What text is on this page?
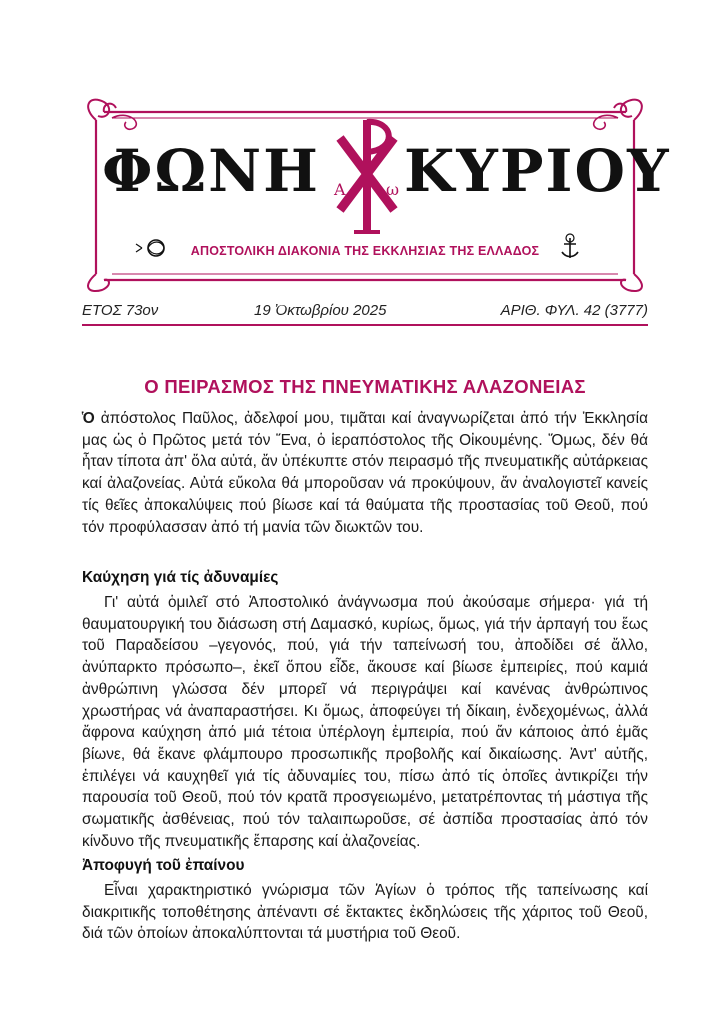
ΦΩΝΗ Α	ω ΚΥΡΙΟΥ
ΑΠΟΣΤΟΛΙΚΗ ΔΙΑΚΟΝΙΑ ΤΗΣ ΕΚΚΛΗΣΙΑΣ ΤΗΣ ΕΛΛΑΔΟΣ
ΕΤΟΣ 73ον	19 Ὀκτωβρίου 2025	ΑΡΙΘ. ΦΥΛ. 42 (3777)
Ο ΠΕΙΡΑΣΜΟΣ ΤΗΣ ΠΝΕΥΜΑΤΙΚΗΣ ΑΛΑΖΟΝΕΙΑΣ

Ὁ ἀπόστολος Παῦλος, ἀδελφοί μου, τιμᾶται καί ἀναγνωρίζεται ἀπό τήν Ἐκκλησία μας ὡς ὁ Πρῶτος μετά τόν Ἕνα, ὁ ἱεραπόστολος τῆς Οἰκουμένης. Ὅμως, δέν θά ἦταν τίποτα ἀπ' ὅλα αὐτά, ἄν ὑπέκυπτε στόν πειρασμό τῆς πνευματικῆς αὐτάρκειας καί ἀλαζονείας. Αὐτά εὔκολα θά μποροῦσαν νά προκύψουν, ἄν ἀναλογιστεῖ κανείς τίς θεῖες ἀποκαλύψεις πού βίωσε καί τά θαύματα τῆς προστασίας τοῦ Θεοῦ, πού τόν προφύλασσαν ἀπό τή μανία τῶν διωκτῶν του.

Καύχηση γιά τίς ἀδυναμίες

Γι' αὐτά ὁμιλεῖ στό Ἀποστολικό ἀνάγνωσμα πού ἀκούσαμε σήμερα· γιά τή θαυματουργική του διάσωση στή Δαμασκό, κυρίως, ὅμως, γιά τήν ἁρπαγή του ἕως τοῦ Παραδείσου –γεγονός, πού, γιά τήν ταπείνωσή του, ἀποδίδει σέ ἄλλο, ἀνύπαρκτο πρόσωπο–, ἐκεῖ ὅπου εἶδε, ἄκουσε καί βίωσε ἐμπειρίες, πού καμιά ἀνθρώπινη γλώσσα δέν μπορεῖ νά περιγράψει καί κανένας ἀνθρώπινος χρωστήρας νά ἀναπαραστήσει. Κι ὅμως, ἀποφεύγει τή δίκαιη, ἐνδεχομένως, ἀλλά ἄφρονα καύχηση ἀπό μιά τέτοια ὑπέρλογη ἐμπειρία, πού ἄν κάποιος ἀπό ἐμᾶς βίωνε, θά ἔκανε φλάμπουρο προσωπικῆς προβολῆς καί δικαίωσης. Ἀντ' αὐτῆς, ἐπιλέγει νά καυχηθεῖ γιά τίς ἀδυναμίες του, πίσω ἀπό τίς ὁποῖες ἀντικρίζει τήν παρουσία τοῦ Θεοῦ, πού τόν κρατᾶ προσγειωμένο, μετατρέποντας τή μάστιγα τῆς σωματικῆς ἀσθένειας, πού τόν ταλαιπωροῦσε, σέ ἀσπίδα προστασίας ἀπό τόν κίνδυνο τῆς πνευματικῆς ἔπαρσης καί ἀλαζονείας.

Ἀποφυγή τοῦ ἐπαίνου

Εἶναι χαρακτηριστικό γνώρισμα τῶν Ἁγίων ὁ τρόπος τῆς ταπείνωσης καί διακριτικῆς τοποθέτησης ἀπέναντι σέ ἔκτακτες ἐκδηλώσεις τῆς χάριτος τοῦ Θεοῦ, διά τῶν ὁποίων ἀποκαλύπτονται τά μυστήρια τοῦ Θεοῦ.
